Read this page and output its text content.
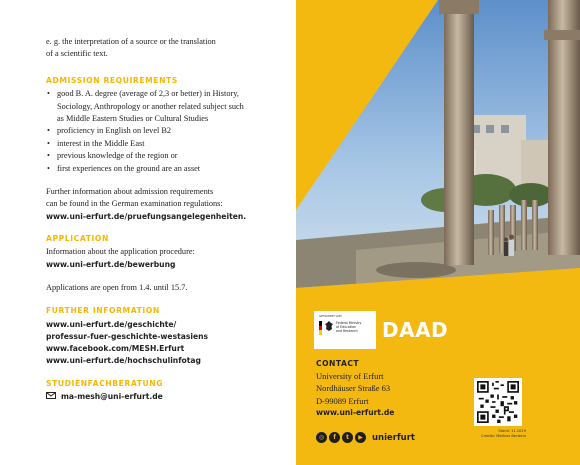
e. g. the interpretation of a source or the translation
of a scientific text.
ADMISSION REQUIREMENTS
• good B. A. degree (average of 2,3 or better) in History, Sociology, Anthropology or another related subject such as Middle Eastern Studies or Cultural Studies
• proficiency in English on level B2
• interest in the Middle East
• previous knowledge of the region or
• first experiences on the ground are an asset
Further information about admission requirements
can be found in the German examination regulations:
www.uni-erfurt.de/pruefungsangelegenheiten.
APPLICATION
Information about the application procedure:
www.uni-erfurt.de/bewerbung
Applications are open from 1.4. until 15.7.
FURTHER INFORMATION
www.uni-erfurt.de/geschichte/
professur-fuer-geschichte-westasiens
www.facebook.com/MESH.Erfurt
www.uni-erfurt.de/hochschulinfotag
STUDIENFACHBERATUNG
ma-mesh@uni-erfurt.de
GEFÖRDERT VOM
Federal Ministry
of Education
and Research DAAD
CONTACT
University of Erfurt
Nordhäuser Straße 63
D-99089 Erfurt
www.uni-erfurt.de
◎	f	t	▶	unierfurt
Stand: 11.2019
Credits: Mathias Bersiers
